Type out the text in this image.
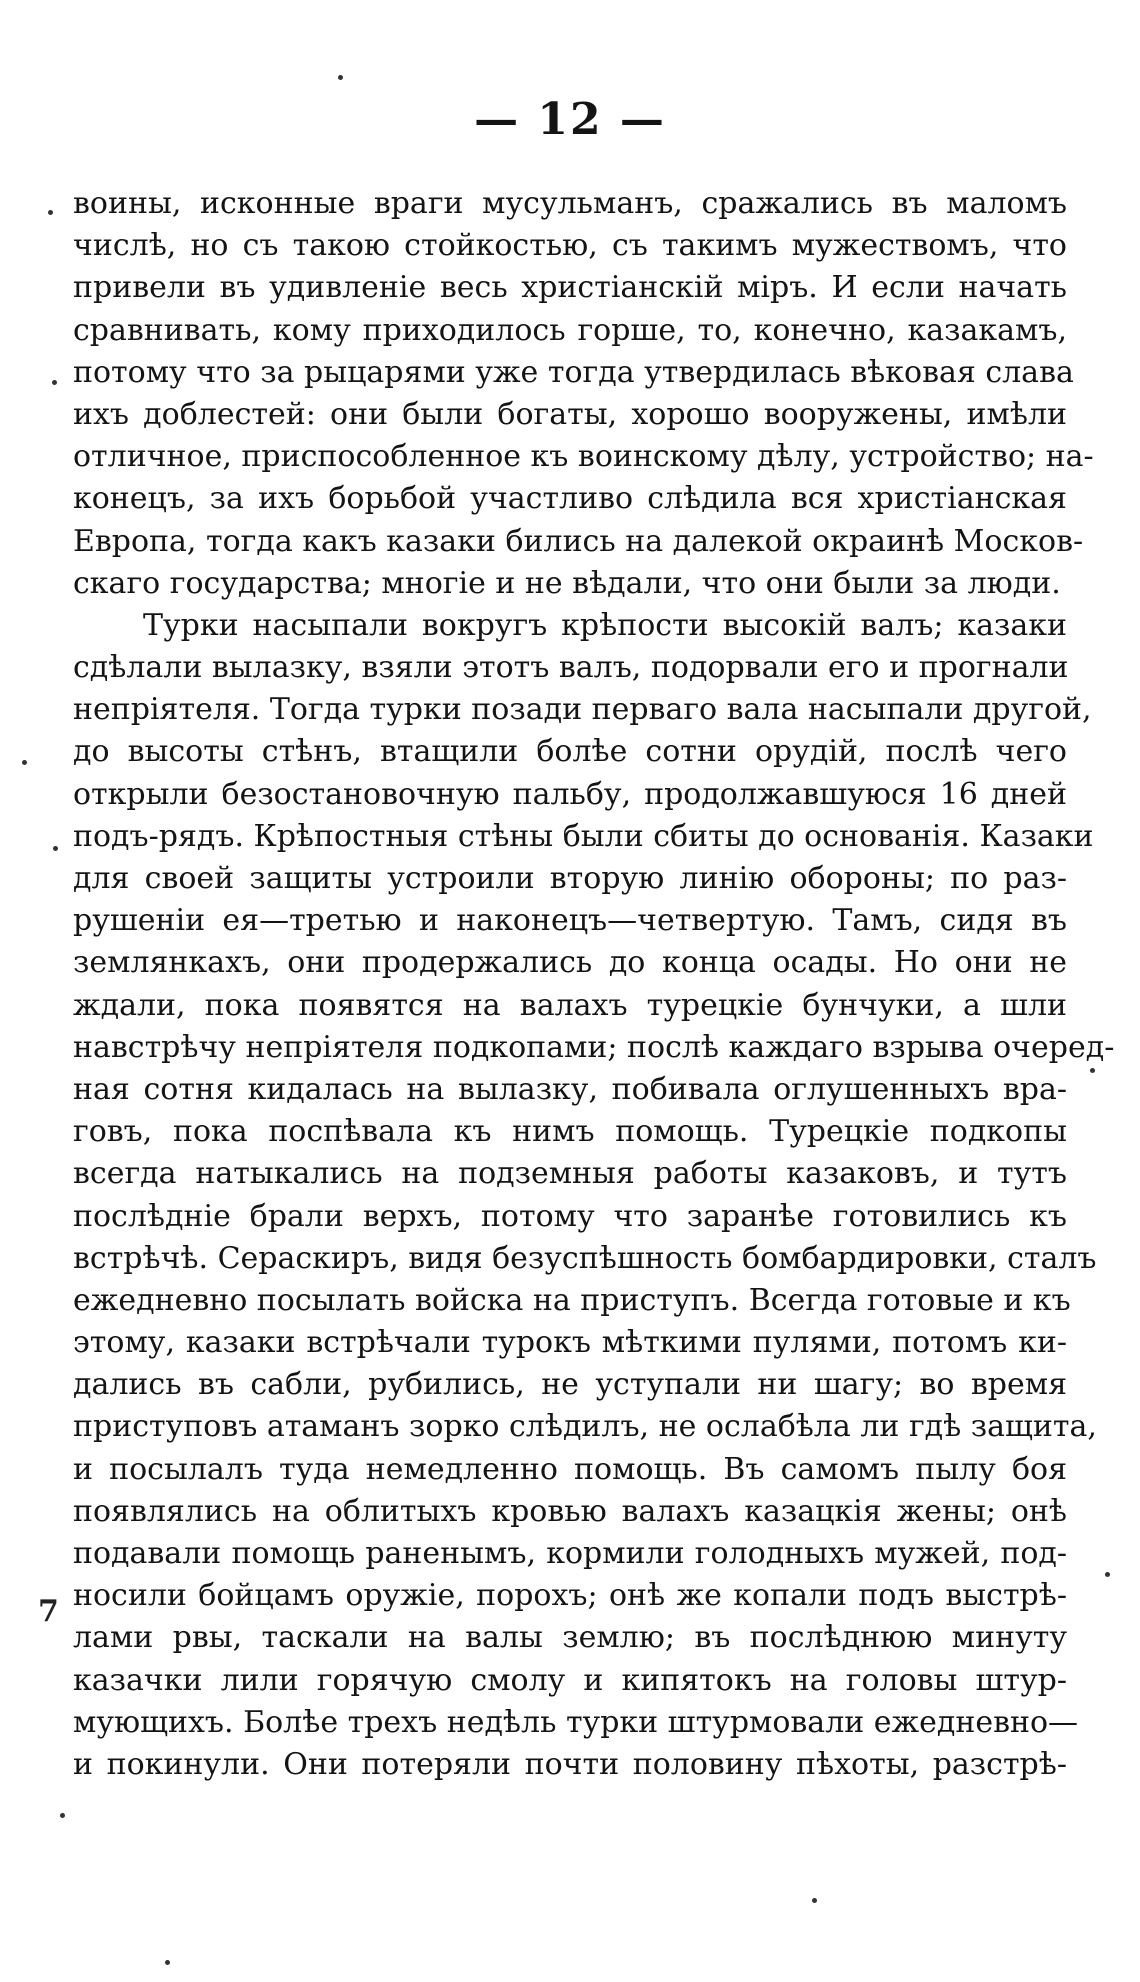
— 12 —
воины, исконные враги мусульманъ, сражались въ маломъ
числѣ, но съ такою стойкостью, съ такимъ мужествомъ, что
привели въ удивленіе весь христіанскій міръ. И если начать
сравнивать, кому приходилось горше, то, конечно, казакамъ,
потому что за рыцарями уже тогда утвердилась вѣковая слава
ихъ доблестей: они были богаты, хорошо вооружены, имѣли
отличное, приспособленное къ воинскому дѣлу, устройство; на-
конецъ, за ихъ борьбой участливо слѣдила вся христіанская
Европа, тогда какъ казаки бились на далекой окраинѣ Москов-
скаго государства; многіе и не вѣдали, что они были за люди.
Турки насыпали вокругъ крѣпости высокій валъ; казаки
сдѣлали вылазку, взяли этотъ валъ, подорвали его и прогнали
непріятеля. Тогда турки позади перваго вала насыпали другой,
до высоты стѣнъ, втащили болѣе сотни орудій, послѣ чего
открыли безостановочную пальбу, продолжавшуюся 16 дней
подъ-рядъ. Крѣпостныя стѣны были сбиты до основанія. Казаки
для своей защиты устроили вторую линію обороны; по раз-
рушеніи ея—третью и наконецъ—четвертую. Тамъ, сидя въ
землянкахъ, они продержались до конца осады. Но они не
ждали, пока появятся на валахъ турецкіе бунчуки, а шли
навстрѣчу непріятеля подкопами; послѣ каждаго взрыва очеред-
ная сотня кидалась на вылазку, побивала оглушенныхъ вра-
говъ, пока поспѣвала къ нимъ помощь. Турецкіе подкопы
всегда натыкались на подземныя работы казаковъ, и тутъ
послѣдніе брали верхъ, потому что заранѣе готовились къ
встрѣчѣ. Сераскиръ, видя безуспѣшность бомбардировки, сталъ
ежедневно посылать войска на приступъ. Всегда готовые и къ
этому, казаки встрѣчали турокъ мѣткими пулями, потомъ ки-
дались въ сабли, рубились, не уступали ни шагу; во время
приступовъ атаманъ зорко слѣдилъ, не ослабѣла ли гдѣ защита,
и посылалъ туда немедленно помощь. Въ самомъ пылу боя
появлялись на облитыхъ кровью валахъ казацкія жены; онѣ
подавали помощь раненымъ, кормили голодныхъ мужей, под-
носили бойцамъ оружіе, порохъ; онѣ же копали подъ выстрѣ-
лами рвы, таскали на валы землю; въ послѣднюю минуту
казачки лили горячую смолу и кипятокъ на головы штур-
мующихъ. Болѣе трехъ недѣль турки штурмовали ежедневно—
и покинули. Они потеряли почти половину пѣхоты, разстрѣ-
7
